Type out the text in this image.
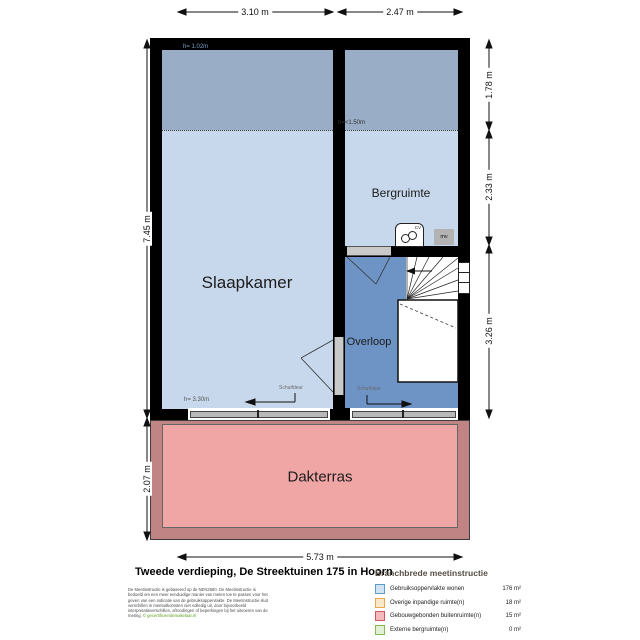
CV
mv
3.10 m	2.47 m
5.73 m
7.45 m
2.07 m
1.78 m
2.33 m
3.26 m
Slaapkamer
Bergruimte
Overloop
Dakterras
h= 1.02m
h=<1.50m
h= 3.30m
Schuifdeur	Schuifdeur
Tweede verdieping, De Streektuinen 175 in Hoorn
De Meetinstructie is gebaseerd op de NEN2580. De Meetinstructie is bedoeld om een meer eenduidige manier van meten toe te passen voor het geven van een indicatie van de gebruiksoppervlakte. De Meetinstructie sluit verschillen in meetuitkomsten niet volledig uit, door bijvoorbeeld interpretatieverschillen, afrondingen of beperkingen bij het uitvoeren van de meting. © gecertificeerdemakelaar.nl
Branchbrede meetinstructie
Gebruiksoppervlakte wonen	176 m²
Overige inpandige ruimte(n)	18 m²
Gebouwgebonden buitenruimte(n)	15 m²
Externe bergruimte(n)	0 m²
